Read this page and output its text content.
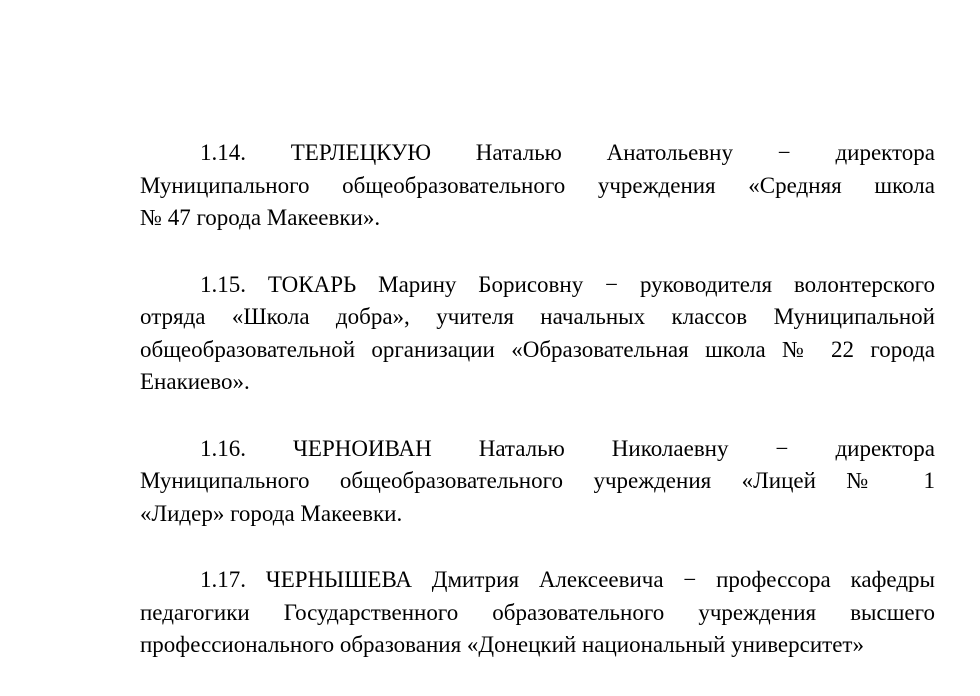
1.14. ТЕРЛЕЦКУЮ Наталью Анатольевну − директора
Муниципального общеобразовательного учреждения «Средняя школа
№ 47 города Макеевки».
1.15. ТОКАРЬ Марину Борисовну − руководителя волонтерского
отряда «Школа добра», учителя начальных классов Муниципальной
общеобразовательной организации «Образовательная школа № 22 города
Енакиево».
1.16. ЧЕРНОИВАН Наталью Николаевну − директора
Муниципального общеобразовательного учреждения «Лицей № 1
«Лидер» города Макеевки.
1.17. ЧЕРНЫШЕВА Дмитрия Алексеевича − профессора кафедры
педагогики Государственного образовательного учреждения высшего
профессионального образования «Донецкий национальный университет»
